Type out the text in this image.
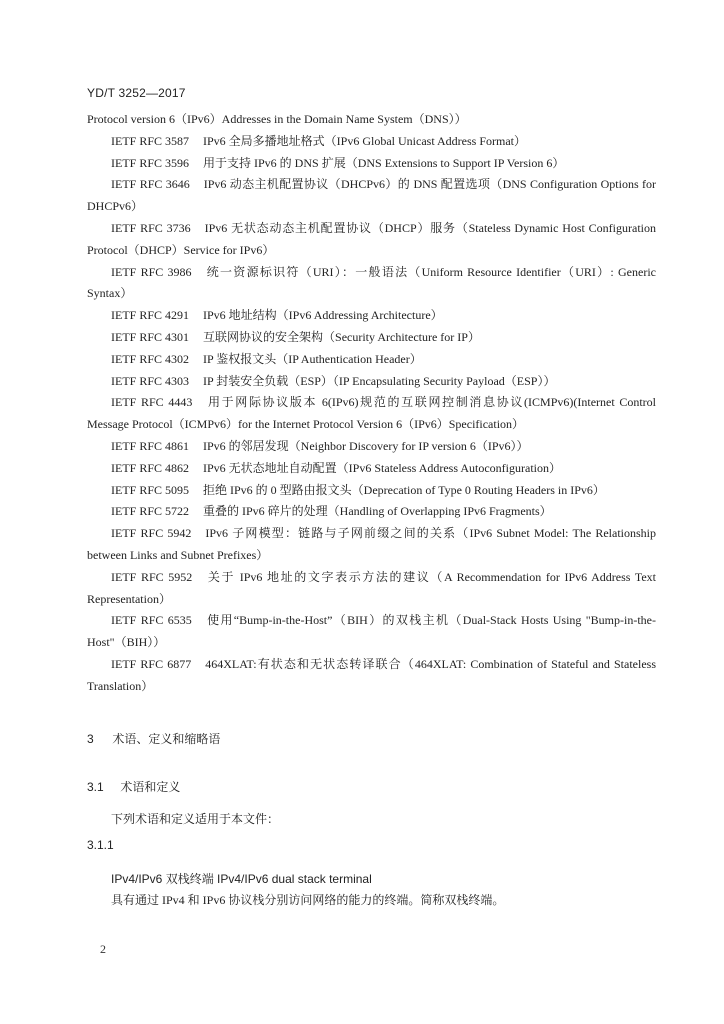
YD/T 3252—2017
Protocol version 6（IPv6）Addresses in the Domain Name System（DNS））
IETF RFC 3587 IPv6 全局多播地址格式（IPv6 Global Unicast Address Format）
IETF RFC 3596 用于支持 IPv6 的 DNS 扩展（DNS Extensions to Support IP Version 6）
IETF RFC 3646 IPv6 动态主机配置协议（DHCPv6）的 DNS 配置选项（DNS Configuration Options for DHCPv6）
IETF RFC 3736 IPv6 无状态动态主机配置协议（DHCP）服务（Stateless Dynamic Host Configuration Protocol（DHCP）Service for IPv6）
IETF RFC 3986 统一资源标识符（URI）：一般语法（Uniform Resource Identifier（URI）: Generic Syntax）
IETF RFC 4291 IPv6 地址结构（IPv6 Addressing Architecture）
IETF RFC 4301 互联网协议的安全架构（Security Architecture for IP）
IETF RFC 4302 IP 鉴权报文头（IP Authentication Header）
IETF RFC 4303 IP 封装安全负载（ESP）（IP Encapsulating Security Payload（ESP））
IETF RFC 4443 用于网际协议版本 6(IPv6)规范的互联网控制消息协议(ICMPv6)(Internet Control Message Protocol（ICMPv6）for the Internet Protocol Version 6（IPv6）Specification）
IETF RFC 4861 IPv6 的邻居发现（Neighbor Discovery for IP version 6（IPv6））
IETF RFC 4862 IPv6 无状态地址自动配置（IPv6 Stateless Address Autoconfiguration）
IETF RFC 5095 拒绝 IPv6 的 0 型路由报文头（Deprecation of Type 0 Routing Headers in IPv6）
IETF RFC 5722 重叠的 IPv6 碎片的处理（Handling of Overlapping IPv6 Fragments）
IETF RFC 5942 IPv6 子网模型：链路与子网前缀之间的关系（IPv6 Subnet Model: The Relationship between Links and Subnet Prefixes）
IETF RFC 5952 关于 IPv6 地址的文字表示方法的建议（A Recommendation for IPv6 Address Text Representation）
IETF RFC 6535 使用“Bump-in-the-Host”（BIH）的双栈主机（Dual-Stack Hosts Using "Bump-in-the-Host"（BIH））
IETF RFC 6877 464XLAT:有状态和无状态转译联合（464XLAT: Combination of Stateful and Stateless Translation）
3 术语、定义和缩略语
3.1 术语和定义
下列术语和定义适用于本文件：
3.1.1
IPv4/IPv6 双栈终端 IPv4/IPv6 dual stack terminal
具有通过 IPv4 和 IPv6 协议栈分别访问网络的能力的终端。简称双栈终端。
2
